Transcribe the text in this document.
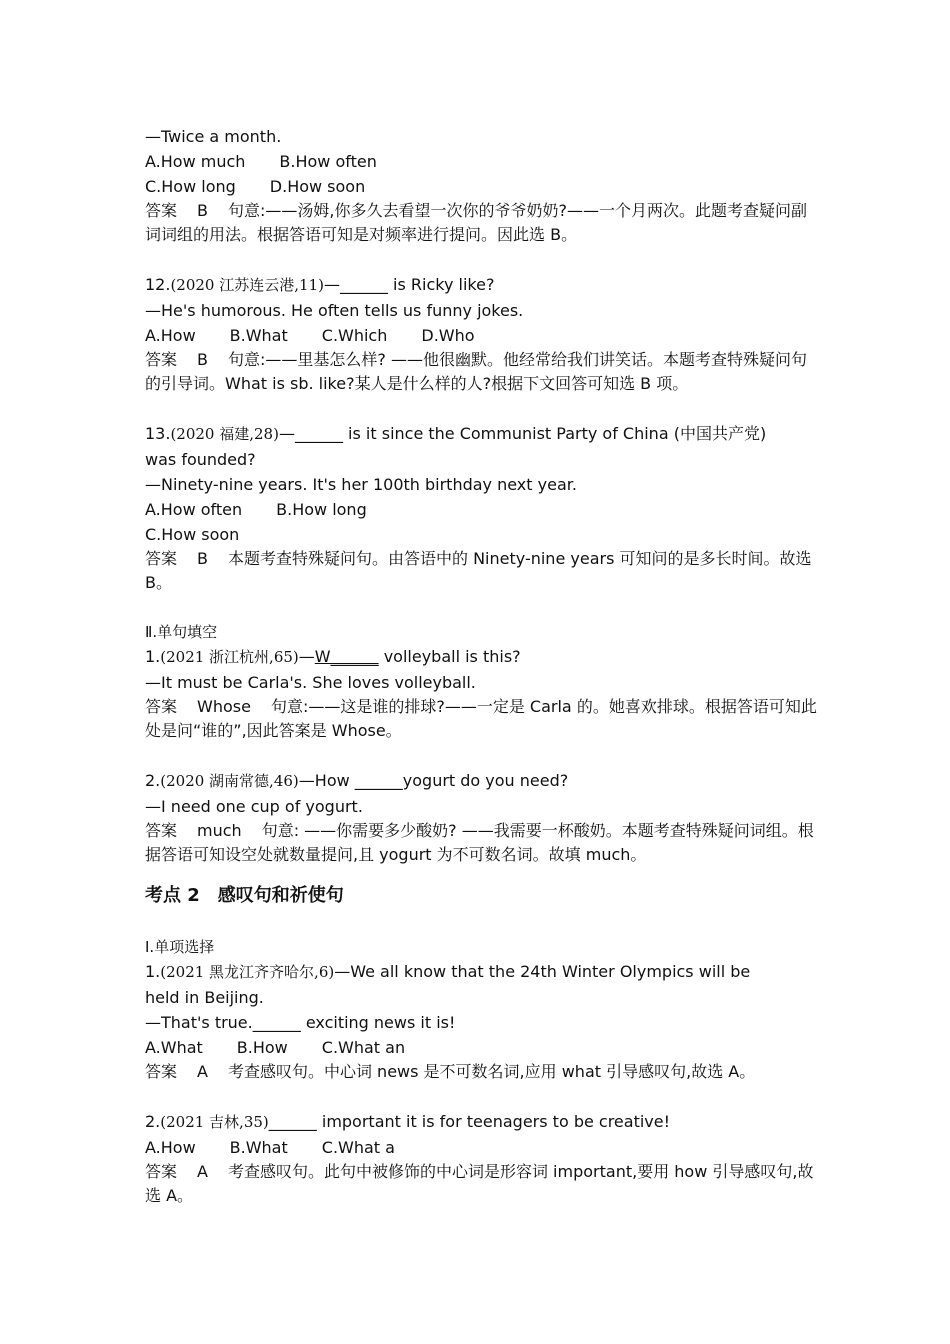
—Twice a month.
A.How much B.How often
C.How long D.How soon
答案 B 句意:——汤姆,你多久去看望一次你的爷爷奶奶?——一个月两次。此题考查疑问副词词组的用法。根据答语可知是对频率进行提问。因此选 B。
12.(2020 江苏连云港,11)—______ is Ricky like?
—He's humorous. He often tells us funny jokes.
A.How B.What C.Which D.Who
答案 B 句意:——里基怎么样? ——他很幽默。他经常给我们讲笑话。本题考查特殊疑问句的引导词。What is sb. like?某人是什么样的人?根据下文回答可知选 B 项。
13.(2020 福建,28)—______ is it since the Communist Party of China (中国共产党)
was founded?
—Ninety-nine years. It's her 100th birthday next year.
A.How often B.How long
C.How soon
答案 B 本题考查特殊疑问句。由答语中的 Ninety-nine years 可知问的是多长时间。故选 B。
Ⅱ.单句填空
1.(2021 浙江杭州,65)—W______ volleyball is this?
—It must be Carla's. She loves volleyball.
答案 Whose 句意:——这是谁的排球?——一定是 Carla 的。她喜欢排球。根据答语可知此处是问“谁的”,因此答案是 Whose。
2.(2020 湖南常德,46)—How ______yogurt do you need?
—I need one cup of yogurt.
答案 much 句意: ——你需要多少酸奶? ——我需要一杯酸奶。本题考查特殊疑问词组。根据答语可知设空处就数量提问,且 yogurt 为不可数名词。故填 much。
考点 2　感叹句和祈使句
Ⅰ.单项选择
1.(2021 黑龙江齐齐哈尔,6)—We all know that the 24th Winter Olympics will be
held in Beijing.
—That's true.______ exciting news it is!
A.What B.How C.What an
答案 A 考查感叹句。中心词 news 是不可数名词,应用 what 引导感叹句,故选 A。
2.(2021 吉林,35)______ important it is for teenagers to be creative!
A.How B.What C.What a
答案 A 考查感叹句。此句中被修饰的中心词是形容词 important,要用 how 引导感叹句,故选 A。
